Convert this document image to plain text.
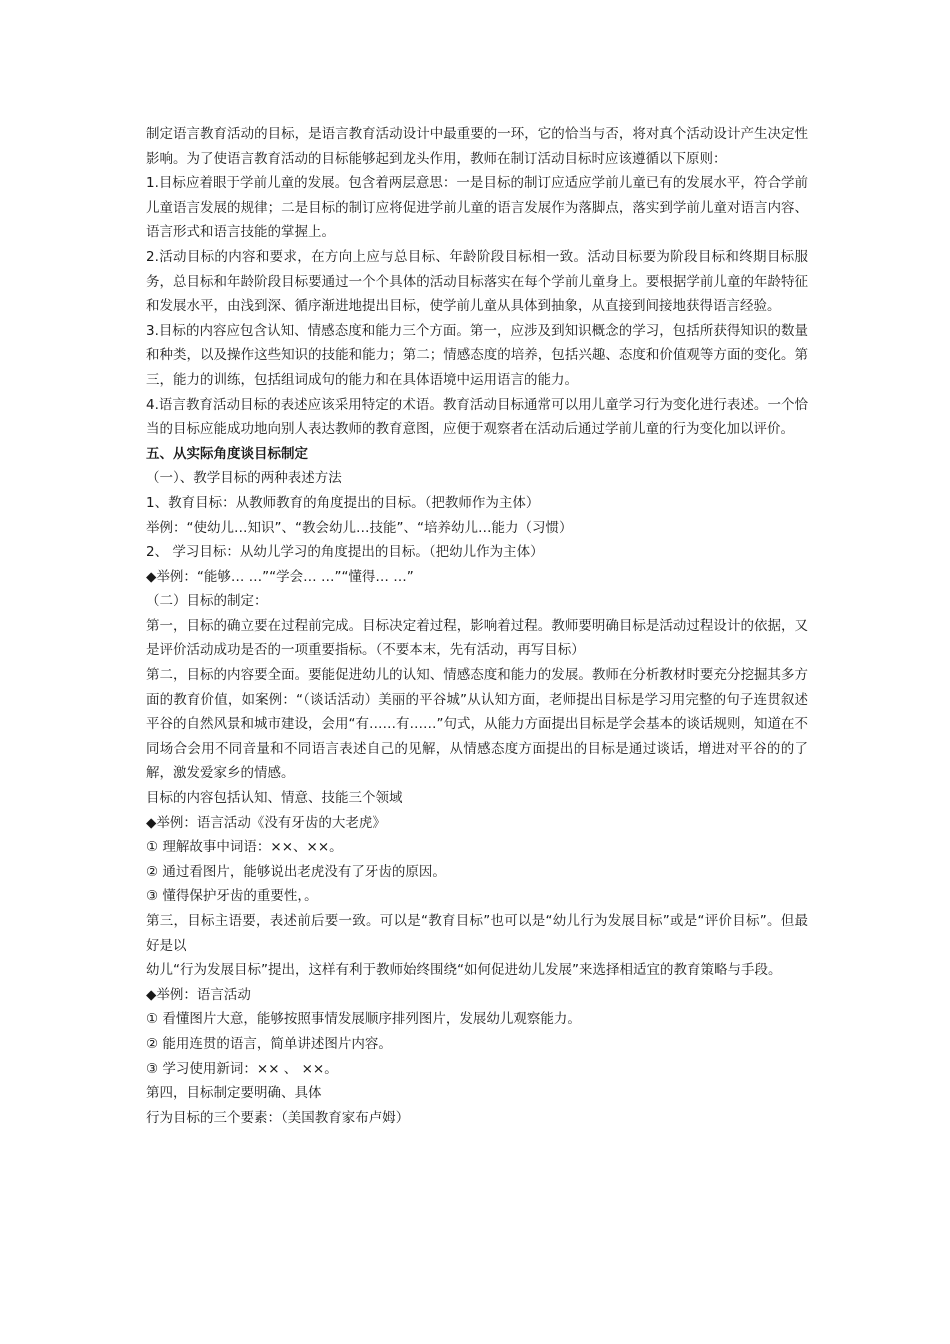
制定语言教育活动的目标，是语言教育活动设计中最重要的一环，它的恰当与否，将对真个活动设计产生决定性影响。为了使语言教育活动的目标能够起到龙头作用，教师在制订活动目标时应该遵循以下原则：

1.目标应着眼于学前儿童的发展。包含着两层意思：一是目标的制订应适应学前儿童已有的发展水平，符合学前儿童语言发展的规律；二是目标的制订应将促进学前儿童的语言发展作为落脚点，落实到学前儿童对语言内容、语言形式和语言技能的掌握上。

2.活动目标的内容和要求，在方向上应与总目标、年龄阶段目标相一致。活动目标要为阶段目标和终期目标服务，总目标和年龄阶段目标要通过一个个具体的活动目标落实在每个学前儿童身上。要根据学前儿童的年龄特征和发展水平，由浅到深、循序渐进地提出目标，使学前儿童从具体到抽象，从直接到间接地获得语言经验。

3.目标的内容应包含认知、情感态度和能力三个方面。第一，应涉及到知识概念的学习，包括所获得知识的数量和种类，以及操作这些知识的技能和能力；第二；情感态度的培养，包括兴趣、态度和价值观等方面的变化。第三，能力的训练，包括组词成句的能力和在具体语境中运用语言的能力。

4.语言教育活动目标的表述应该采用特定的术语。教育活动目标通常可以用儿童学习行为变化进行表述。一个恰当的目标应能成功地向别人表达教师的教育意图，应便于观察者在活动后通过学前儿童的行为变化加以评价。

五、从实际角度谈目标制定

（一）、教学目标的两种表述方法

1、教育目标：从教师教育的角度提出的目标。（把教师作为主体）

举例：“使幼儿…知识”、“教会幼儿…技能”、“培养幼儿…能力（习惯）

2、 学习目标：从幼儿学习的角度提出的目标。（把幼儿作为主体）

◆举例：“能够… …”“学会… …”“懂得… …”

（二）目标的制定：

第一，目标的确立要在过程前完成。目标决定着过程，影响着过程。教师要明确目标是活动过程设计的依据，又是评价活动成功是否的一项重要指标。（不要本末，先有活动，再写目标）

第二，目标的内容要全面。要能促进幼儿的认知、情感态度和能力的发展。教师在分析教材时要充分挖掘其多方面的教育价值，如案例：“（谈话活动）美丽的平谷城”从认知方面，老师提出目标是学习用完整的句子连贯叙述平谷的自然风景和城市建设，会用“有……有……”句式，从能力方面提出目标是学会基本的谈话规则，知道在不同场合会用不同音量和不同语言表述自己的见解，从情感态度方面提出的目标是通过谈话，增进对平谷的的了解，激发爱家乡的情感。

目标的内容包括认知、情意、技能三个领域

◆举例：语言活动《没有牙齿的大老虎》

① 理解故事中词语：××、××。

② 通过看图片，能够说出老虎没有了牙齿的原因。

③ 懂得保护牙齿的重要性，。

第三，目标主语要，表述前后要一致。可以是“教育目标”也可以是“幼儿行为发展目标”或是“评价目标”。但最好是以

幼儿“行为发展目标”提出，这样有利于教师始终围绕“如何促进幼儿发展”来选择相适宜的教育策略与手段。

◆举例：语言活动

① 看懂图片大意，能够按照事情发展顺序排列图片，发展幼儿观察能力。

② 能用连贯的语言，简单讲述图片内容。

③ 学习使用新词：×× 、 ××。

第四，目标制定要明确、具体

行为目标的三个要素：（美国教育家布卢姆）
